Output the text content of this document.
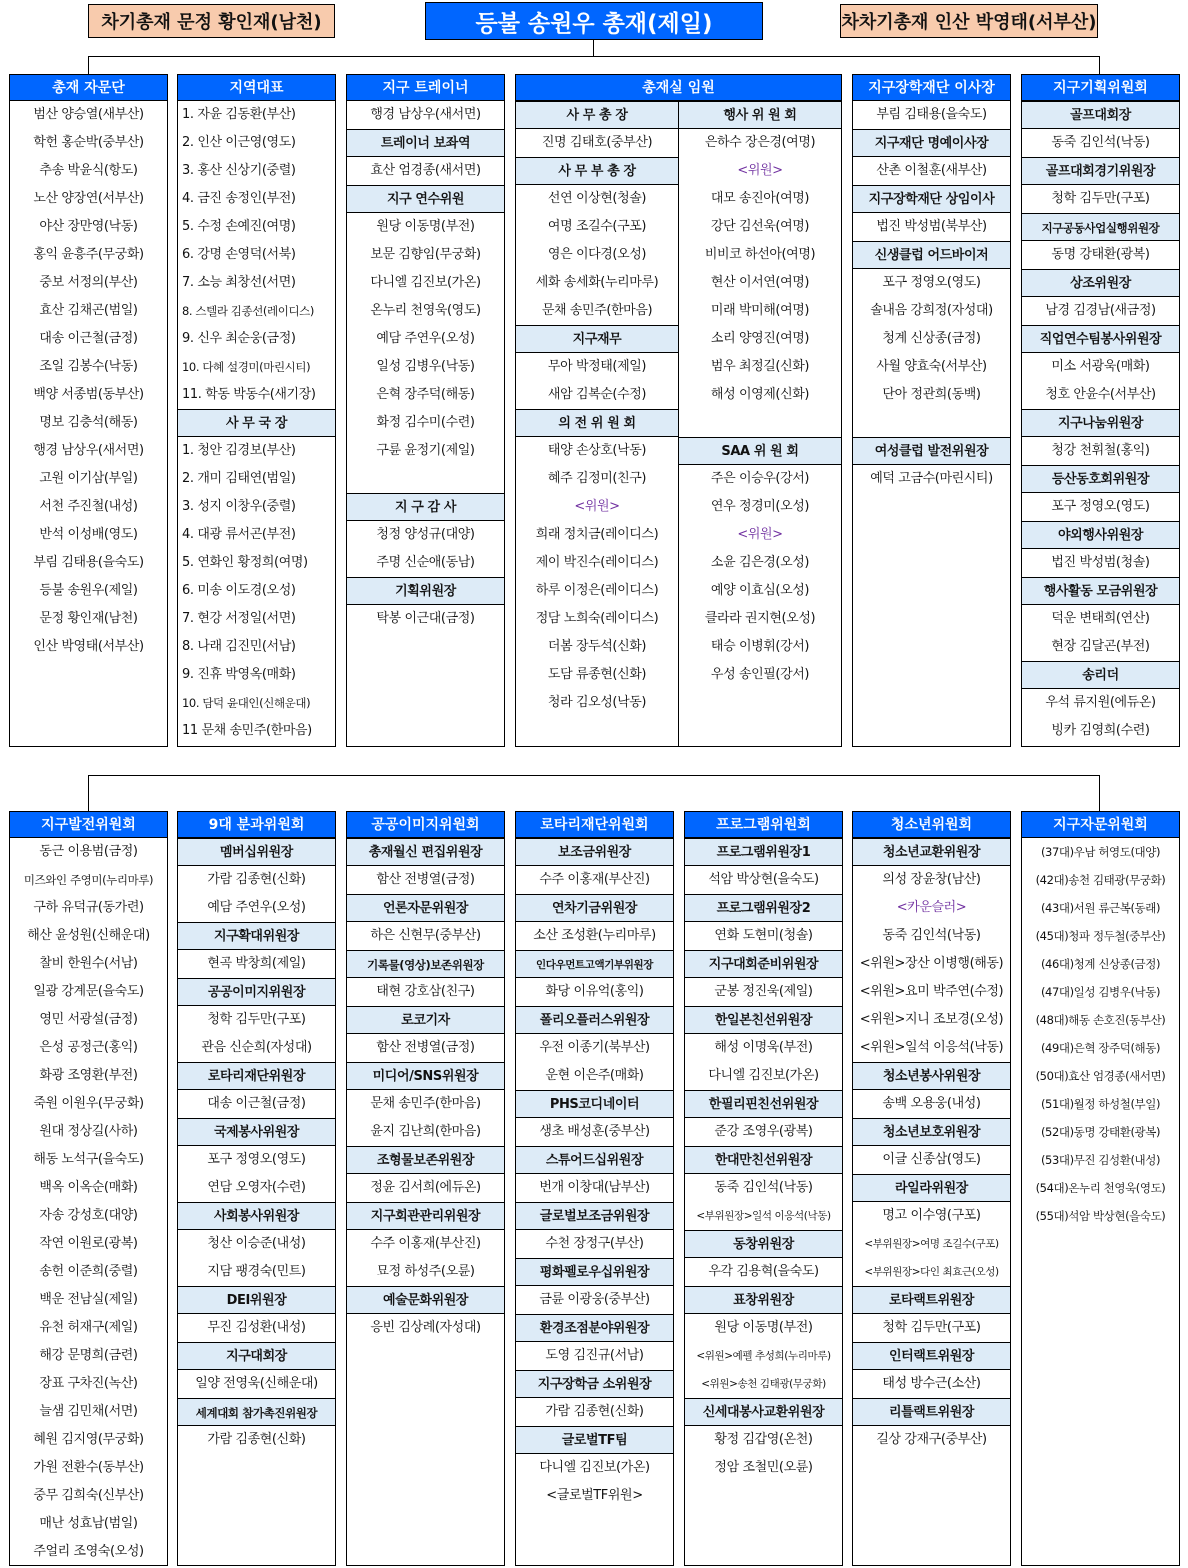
차기총재 문정 황인재(남천)	등불 송원우 총재(제일)	차차기총재 인산 박영태(서부산)
총재 자문단
범산 양승열(새부산)
학헌 홍순박(중부산)
추송 박윤식(항도)
노산 양장연(서부산)
야산 장만영(낙동)
홍익 윤흥주(무궁화)
중보 서정의(부산)
효산 김채곤(범일)
대송 이근철(금정)
조일 김봉수(낙동)
백양 서종범(동부산)
명보 김충석(해동)
행경 남상우(새서면)
고원 이기삼(부일)
서천 주진철(내성)
반석 이성배(영도)
부림 김태용(을숙도)
등불 송원우(제일)
문정 황인재(남천)
인산 박영태(서부산)
지역대표
1. 자윤 김동환(부산)
2. 인산 이근영(영도)
3. 홍산 신상기(중렬)
4. 금진 송정인(부전)
5. 수정 손예진(여명)
6. 강명 손영덕(서북)
7. 소능 최창선(서면)
8. 스텔라 김종선(레이디스)
9. 신우 최순웅(금정)
10. 다혜 설경미(마린시티)
11. 학동 박동수(새기장)
사 무 국 장
1. 청안 김경보(부산)
2. 개미 김태연(범일)
3. 성지 이창우(중렬)
4. 대광 류서곤(부전)
5. 연화인 황정희(여명)
6. 미송 이도경(오성)
7. 현강 서정일(서면)
8. 나래 김진민(서남)
9. 진휴 박영옥(매화)
10. 담덕 윤대인(신해운대)
11 문채 송민주(한마음)
지구 트레이너
행경 남상우(새서면)
트레이너 보좌역
효산 엄경종(새서면)
지구 연수위원
원당 이동명(부전)
보문 김향임(무궁화)
다니엘 김진보(가온)
온누리 천영욱(영도)
예담 주연우(오성)
일성 김병우(낙동)
은혁 장주덕(해동)
화정 김수미(수련)
구륜 윤정기(제일)
지 구 감 사
청정 양성규(대양)
주명 신순애(동남)
기획위원장
탁봉 이근대(금정)
총재실 임원
사 무 총 장
진명 김태호(중부산)
사 무 부 총 장
선연 이상현(청솔)
여명 조길수(구포)
영은 이다경(오성)
세화 송세화(누리마루)
문채 송민주(한마음)
지구재무
무아 박정태(제일)
새암 김복순(수정)
의 전 위 원 회
태양 손상호(낙동)
혜주 김정미(친구)
<위원>
희래 정치금(레이디스)
제이 박진수(레이디스)
하루 이정은(레이디스)
정담 노희숙(레이디스)
더봄 장두석(신화)
도담 류종현(신화)
청라 김오성(낙동)
행사 위 원 회
은하수 장은경(여명)
<위원>
대모 송진아(여명)
강단 김선욱(여명)
비비코 하선아(여명)
현산 이서연(여명)
미래 박미해(여명)
소리 양영진(여명)
범우 최정길(신화)
해성 이영제(신화)
SAA 위 원 회
주은 이승우(강서)
연우 정경미(오성)
<위원>
소윤 김은경(오성)
예양 이효심(오성)
클라라 권지현(오성)
태승 이병휘(강서)
우성 송인필(강서)
지구장학재단 이사장
부림 김태용(을숙도)
지구재단 명예이사장
산촌 이철훈(새부산)
지구장학재단 상임이사
법진 박성범(북부산)
신생클럽 어드바이저
포구 정영오(영도)
솔내음 강희정(자성대)
청계 신상종(금정)
사월 양효숙(서부산)
단아 정관희(동백)
여성클럽 발전위원장
예덕 고금수(마린시티)
지구기획위원회
골프대회장
동죽 김인석(낙동)
골프대회경기위원장
청학 김두만(구포)
지구공동사업실행위원장
동명 강태환(광복)
상조위원장
남경 김경남(새금정)
직업연수팀봉사위원장
미소 서광욱(매화)
청호 안윤수(서부산)
지구나눔위원장
청강 천휘철(홍익)
등산동호회위원장
포구 정영오(영도)
야외행사위원장
법진 박성범(청솔)
행사활동 모금위원장
덕운 변태희(연산)
현장 김달곤(부전)
송리더
우석 류지원(에듀온)
빙카 김영희(수련)
지구발전위원회
동근 이용범(금정)
미즈와인 주영미(누리마루)
구하 유덕규(동가련)
해산 윤성원(신해운대)
찰비 한원수(서남)
일광 강계문(을숙도)
영민 서광설(금정)
은성 공정근(홍익)
화광 조영환(부전)
죽원 이원우(무궁화)
원대 정상길(사하)
해동 노석구(을숙도)
백옥 이옥순(매화)
자송 강성호(대양)
작연 이원로(광복)
송헌 이준희(중렬)
백운 전남실(제일)
유천 허재구(제일)
해강 문명희(금련)
장표 구차진(녹산)
늘샘 김민채(서면)
혜원 김지영(무궁화)
가원 전환수(동부산)
중무 김희숙(신부산)
매난 성효남(범일)
주얼리 조영숙(오성)
9대 분과위원회
멤버십위원장
가람 김종현(신화)
예담 주연우(오성)
지구확대위원장
현곡 박창희(제일)
공공이미지위원장
청학 김두만(구포)
관음 신순희(자성대)
로타리재단위원장
대송 이근철(금정)
국제봉사위원장
포구 정영오(영도)
연담 오영자(수련)
사회봉사위원장
청산 이승준(내성)
지담 팽경숙(민트)
DEI위원장
무진 김성환(내성)
지구대회장
일양 전영욱(신해운대)
세계대회 참가촉진위원장
가람 김종현(신화)
공공이미지위원회
총재월신 편집위원장
함산 전병열(금정)
언론자문위원장
하은 신현무(중부산)
기록물(영상)보존위원장
태현 강호삼(친구)
로코기자
함산 전병열(금정)
미디어/SNS위원장
문채 송민주(한마음)
윤지 김난희(한마음)
조형물보존위원장
정윤 김서희(에듀온)
지구회관관리위원장
수주 이홍재(부산진)
묘정 하성주(오륜)
예술문화위원장
응빈 김상례(자성대)
로타리재단위원회
보조금위원장
수주 이홍재(부산진)
연차기금위원장
소산 조성환(누리마루)
인다우먼트고액기부위원장
화당 이유억(홍익)
폴리오플러스위원장
우전 이종기(북부산)
운현 이은주(매화)
PHS코디네이터
생초 배성훈(중부산)
스튜어드십위원장
번개 이창대(남부산)
글로벌보조금위원장
수천 장정구(부산)
평화펠로우십위원장
금륜 이광웅(중부산)
환경조점분야위원장
도영 김진규(서남)
지구장학금 소위원장
가람 김종현(신화)
글로벌TF팀
다니엘 김진보(가온)
<글로벌TF위원>
프로그램위원회
프로그램위원장1
석암 박상현(을숙도)
프로그램위원장2
연화 도현미(청솔)
지구대회준비위원장
군봉 정진욱(제일)
한일본친선위원장
해성 이명욱(부전)
다니엘 김진보(가온)
한필리핀친선위원장
준강 조영우(광복)
한대만친선위원장
동죽 김인석(낙동)
<부위원장>일석 이응석(낙동)
동창위원장
우각 김용혁(을숙도)
표창위원장
원당 이동명(부전)
<위원>예펠 추성희(누리마루)
<위원>송천 김태광(무궁화)
신세대봉사교환위원장
황정 김갑영(온천)
정암 조철민(오륜)
청소년위원회
청소년교환위원장
의성 장윤창(남산)
<카운슬러>
동죽 김인석(낙동)
<위원>장산 이병행(해동)
<위원>요미 박주연(수정)
<위원>지니 조보경(오성)
<위원>일석 이응석(낙동)
청소년봉사위원장
송백 오용웅(내성)
청소년보호위원장
이글 신종삼(영도)
라일라위원장
명고 이수영(구포)
<부위원장>여명 조길수(구포)
<부위원장>다인 최효근(오성)
로타랙트위원장
청학 김두만(구포)
인터랙트위원장
태성 방수근(소산)
리틀랙트위원장
길상 강재구(중부산)
지구자문위원회
(37대)우남 허영도(대양)
(42대)송천 김태광(무궁화)
(43대)서원 류근복(동래)
(45대)청파 정두철(중부산)
(46대)청계 신상종(금정)
(47대)일성 김병우(낙동)
(48대)해동 손호진(동부산)
(49대)은혁 장주덕(해동)
(50대)효산 엄경종(새서면)
(51대)월정 하성철(부일)
(52대)동명 강태환(광복)
(53대)무진 김성환(내성)
(54대)온누리 천영욱(영도)
(55대)석암 박상현(을숙도)
